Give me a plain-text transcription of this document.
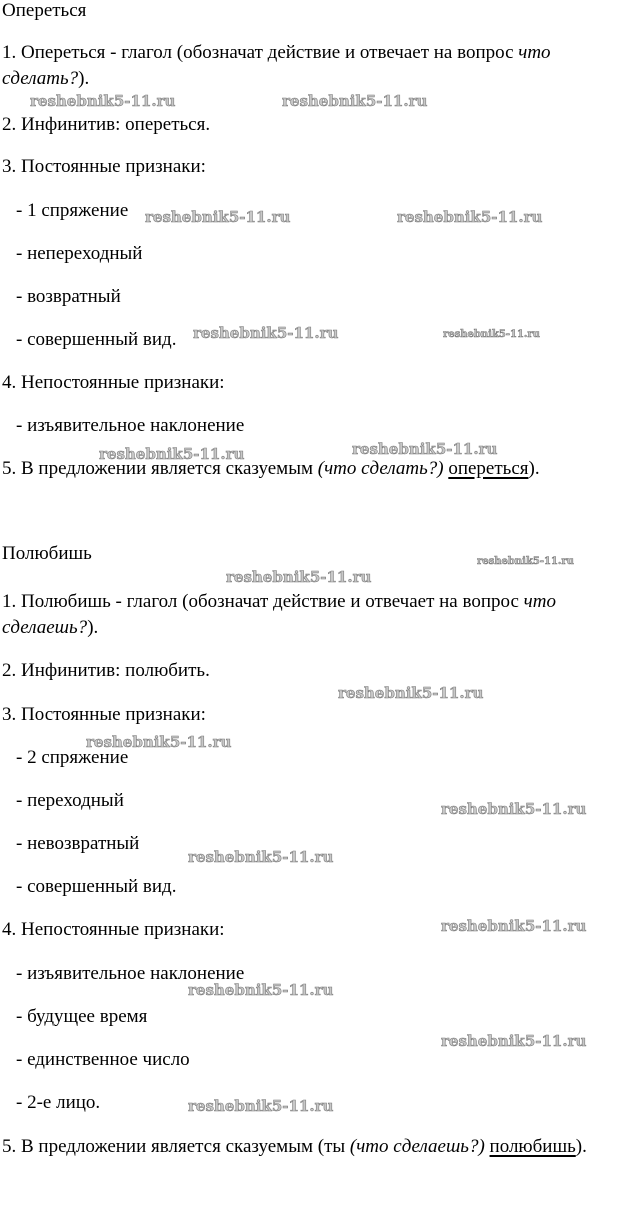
Опереться
1. Опереться - глагол (обозначат действие и отвечает на вопрос что
сделать?).
2. Инфинитив: опереться.
3. Постоянные признаки:
- 1 спряжение
- непереходный
- возвратный
- совершенный вид.
4. Непостоянные признаки:
- изъявительное наклонение
5. В предложении является сказуемым (что сделать?) опереться).
Полюбишь
1. Полюбишь - глагол (обозначат действие и отвечает на вопрос что
сделаешь?).
2. Инфинитив: полюбить.
3. Постоянные признаки:
- 2 спряжение
- переходный
- невозвратный
- совершенный вид.
4. Непостоянные признаки:
- изъявительное наклонение
- будущее время
- единственное число
- 2-е лицо.
5. В предложении является сказуемым (ты (что сделаешь?) полюбишь).
reshebnik5-11.ru	reshebnik5-11.ru
reshebnik5-11.ru	reshebnik5-11.ru
reshebnik5-11.ru	reshebnik5-11.ru
reshebnik5-11.ru	reshebnik5-11.ru
reshebnik5-11.ru
reshebnik5-11.ru
reshebnik5-11.ru
reshebnik5-11.ru
reshebnik5-11.ru
reshebnik5-11.ru
reshebnik5-11.ru
reshebnik5-11.ru
reshebnik5-11.ru
reshebnik5-11.ru
